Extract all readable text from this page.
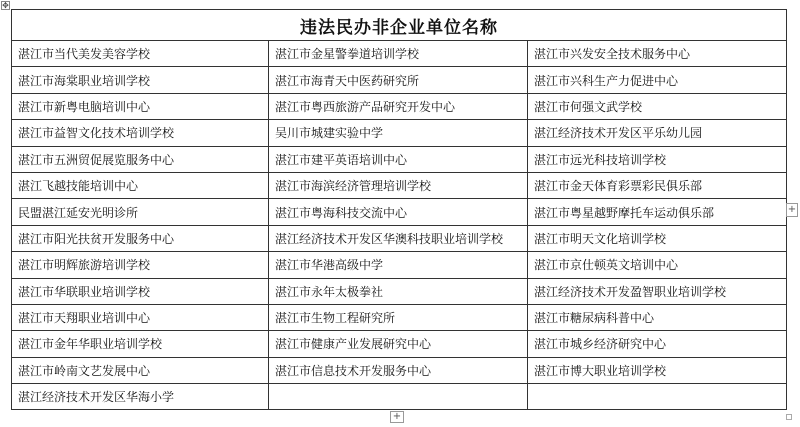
✥
违法民办非企业单位名称		
湛江市当代美发美容学校	湛江市金星警拳道培训学校	湛江市兴发安全技术服务中心
湛江市海棠职业培训学校	湛江市海青天中医药研究所	湛江市兴科生产力促进中心
湛江市新粤电脑培训中心	湛江市粤西旅游产品研究开发中心	湛江市何强文武学校
湛江市益智文化技术培训学校	吴川市城建实验中学	湛江经济技术开发区平乐幼儿园
湛江市五洲贸促展览服务中心	湛江市建平英语培训中心	湛江市远光科技培训学校
湛江飞越技能培训中心	湛江市海滨经济管理培训学校	湛江市金天体育彩票彩民俱乐部
民盟湛江延安光明诊所	湛江市粤海科技交流中心	湛江市粤星越野摩托车运动俱乐部
湛江市阳光扶贫开发服务中心	湛江经济技术开发区华澳科技职业培训学校	湛江市明天文化培训学校
湛江市明辉旅游培训学校	湛江市华港高级中学	湛江市京仕顿英文培训中心
湛江市华联职业培训学校	湛江市永年太极拳社	湛江经济技术开发盈智职业培训学校
湛江市天翔职业培训中心	湛江市生物工程研究所	湛江市糖尿病科普中心
湛江市金年华职业培训学校	湛江市健康产业发展研究中心	湛江市城乡经济研究中心
湛江市岭南文艺发展中心	湛江市信息技术开发服务中心	湛江市博大职业培训学校
湛江经济技术开发区华海小学		
+
+
